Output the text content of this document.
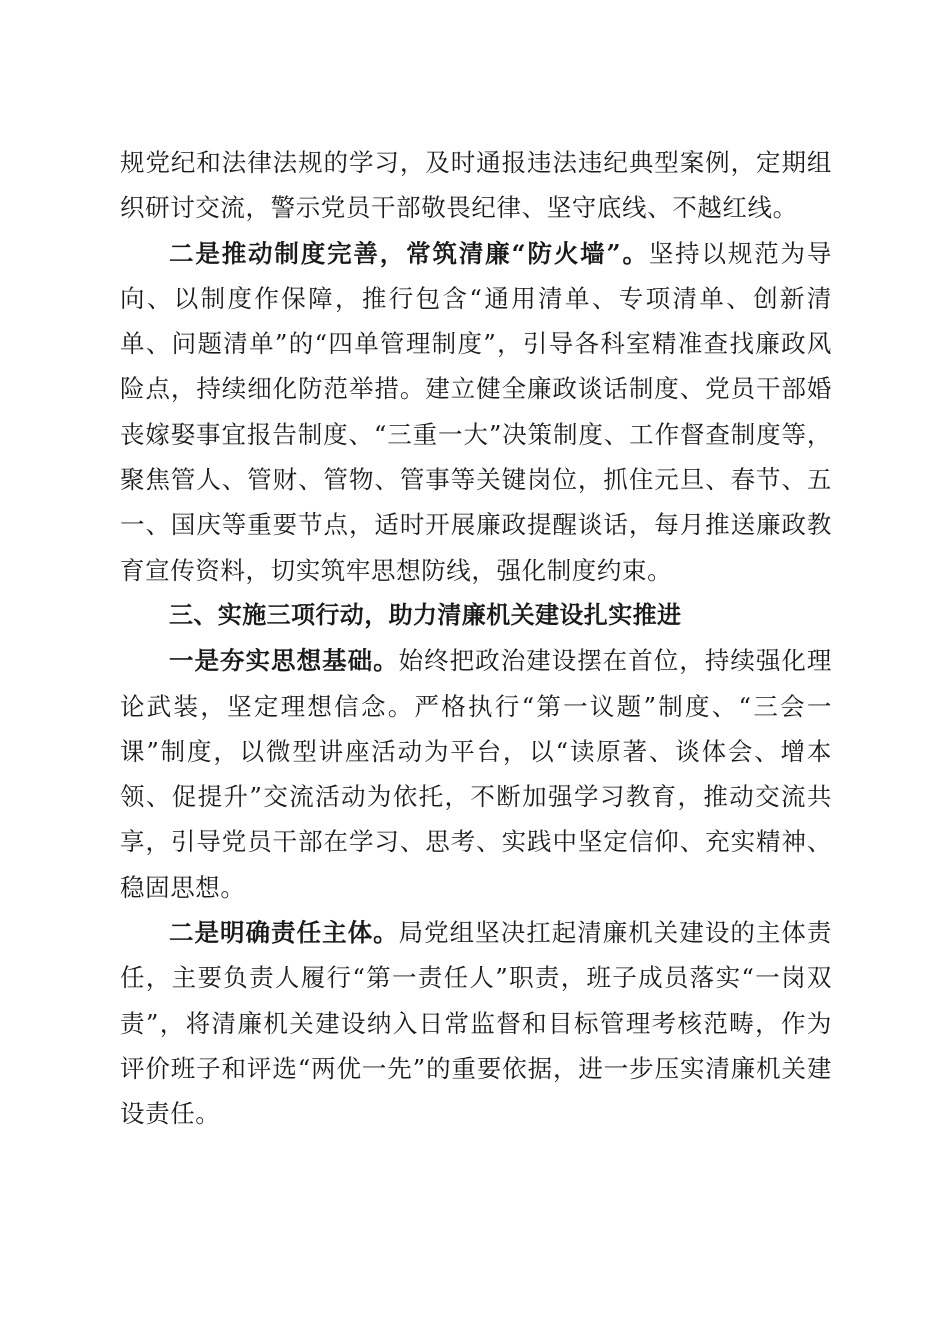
规党纪和法律法规的学习，及时通报违法违纪典型案例，定期组织研讨交流，警示党员干部敬畏纪律、坚守底线、不越红线。

二是推动制度完善，常筑清廉“防火墙”。坚持以规范为导向、以制度作保障，推行包含“通用清单、专项清单、创新清单、问题清单”的“四单管理制度”，引导各科室精准查找廉政风险点，持续细化防范举措。建立健全廉政谈话制度、党员干部婚丧嫁娶事宜报告制度、“三重一大”决策制度、工作督查制度等，聚焦管人、管财、管物、管事等关键岗位，抓住元旦、春节、五一、国庆等重要节点，适时开展廉政提醒谈话，每月推送廉政教育宣传资料，切实筑牢思想防线，强化制度约束。

三、实施三项行动，助力清廉机关建设扎实推进

一是夯实思想基础。始终把政治建设摆在首位，持续强化理论武装，坚定理想信念。严格执行“第一议题”制度、“三会一课”制度，以微型讲座活动为平台，以“读原著、谈体会、增本领、促提升”交流活动为依托，不断加强学习教育，推动交流共享，引导党员干部在学习、思考、实践中坚定信仰、充实精神、稳固思想。

二是明确责任主体。局党组坚决扛起清廉机关建设的主体责任，主要负责人履行“第一责任人”职责，班子成员落实“一岗双责”，将清廉机关建设纳入日常监督和目标管理考核范畴，作为评价班子和评选“两优一先”的重要依据，进一步压实清廉机关建设责任。
